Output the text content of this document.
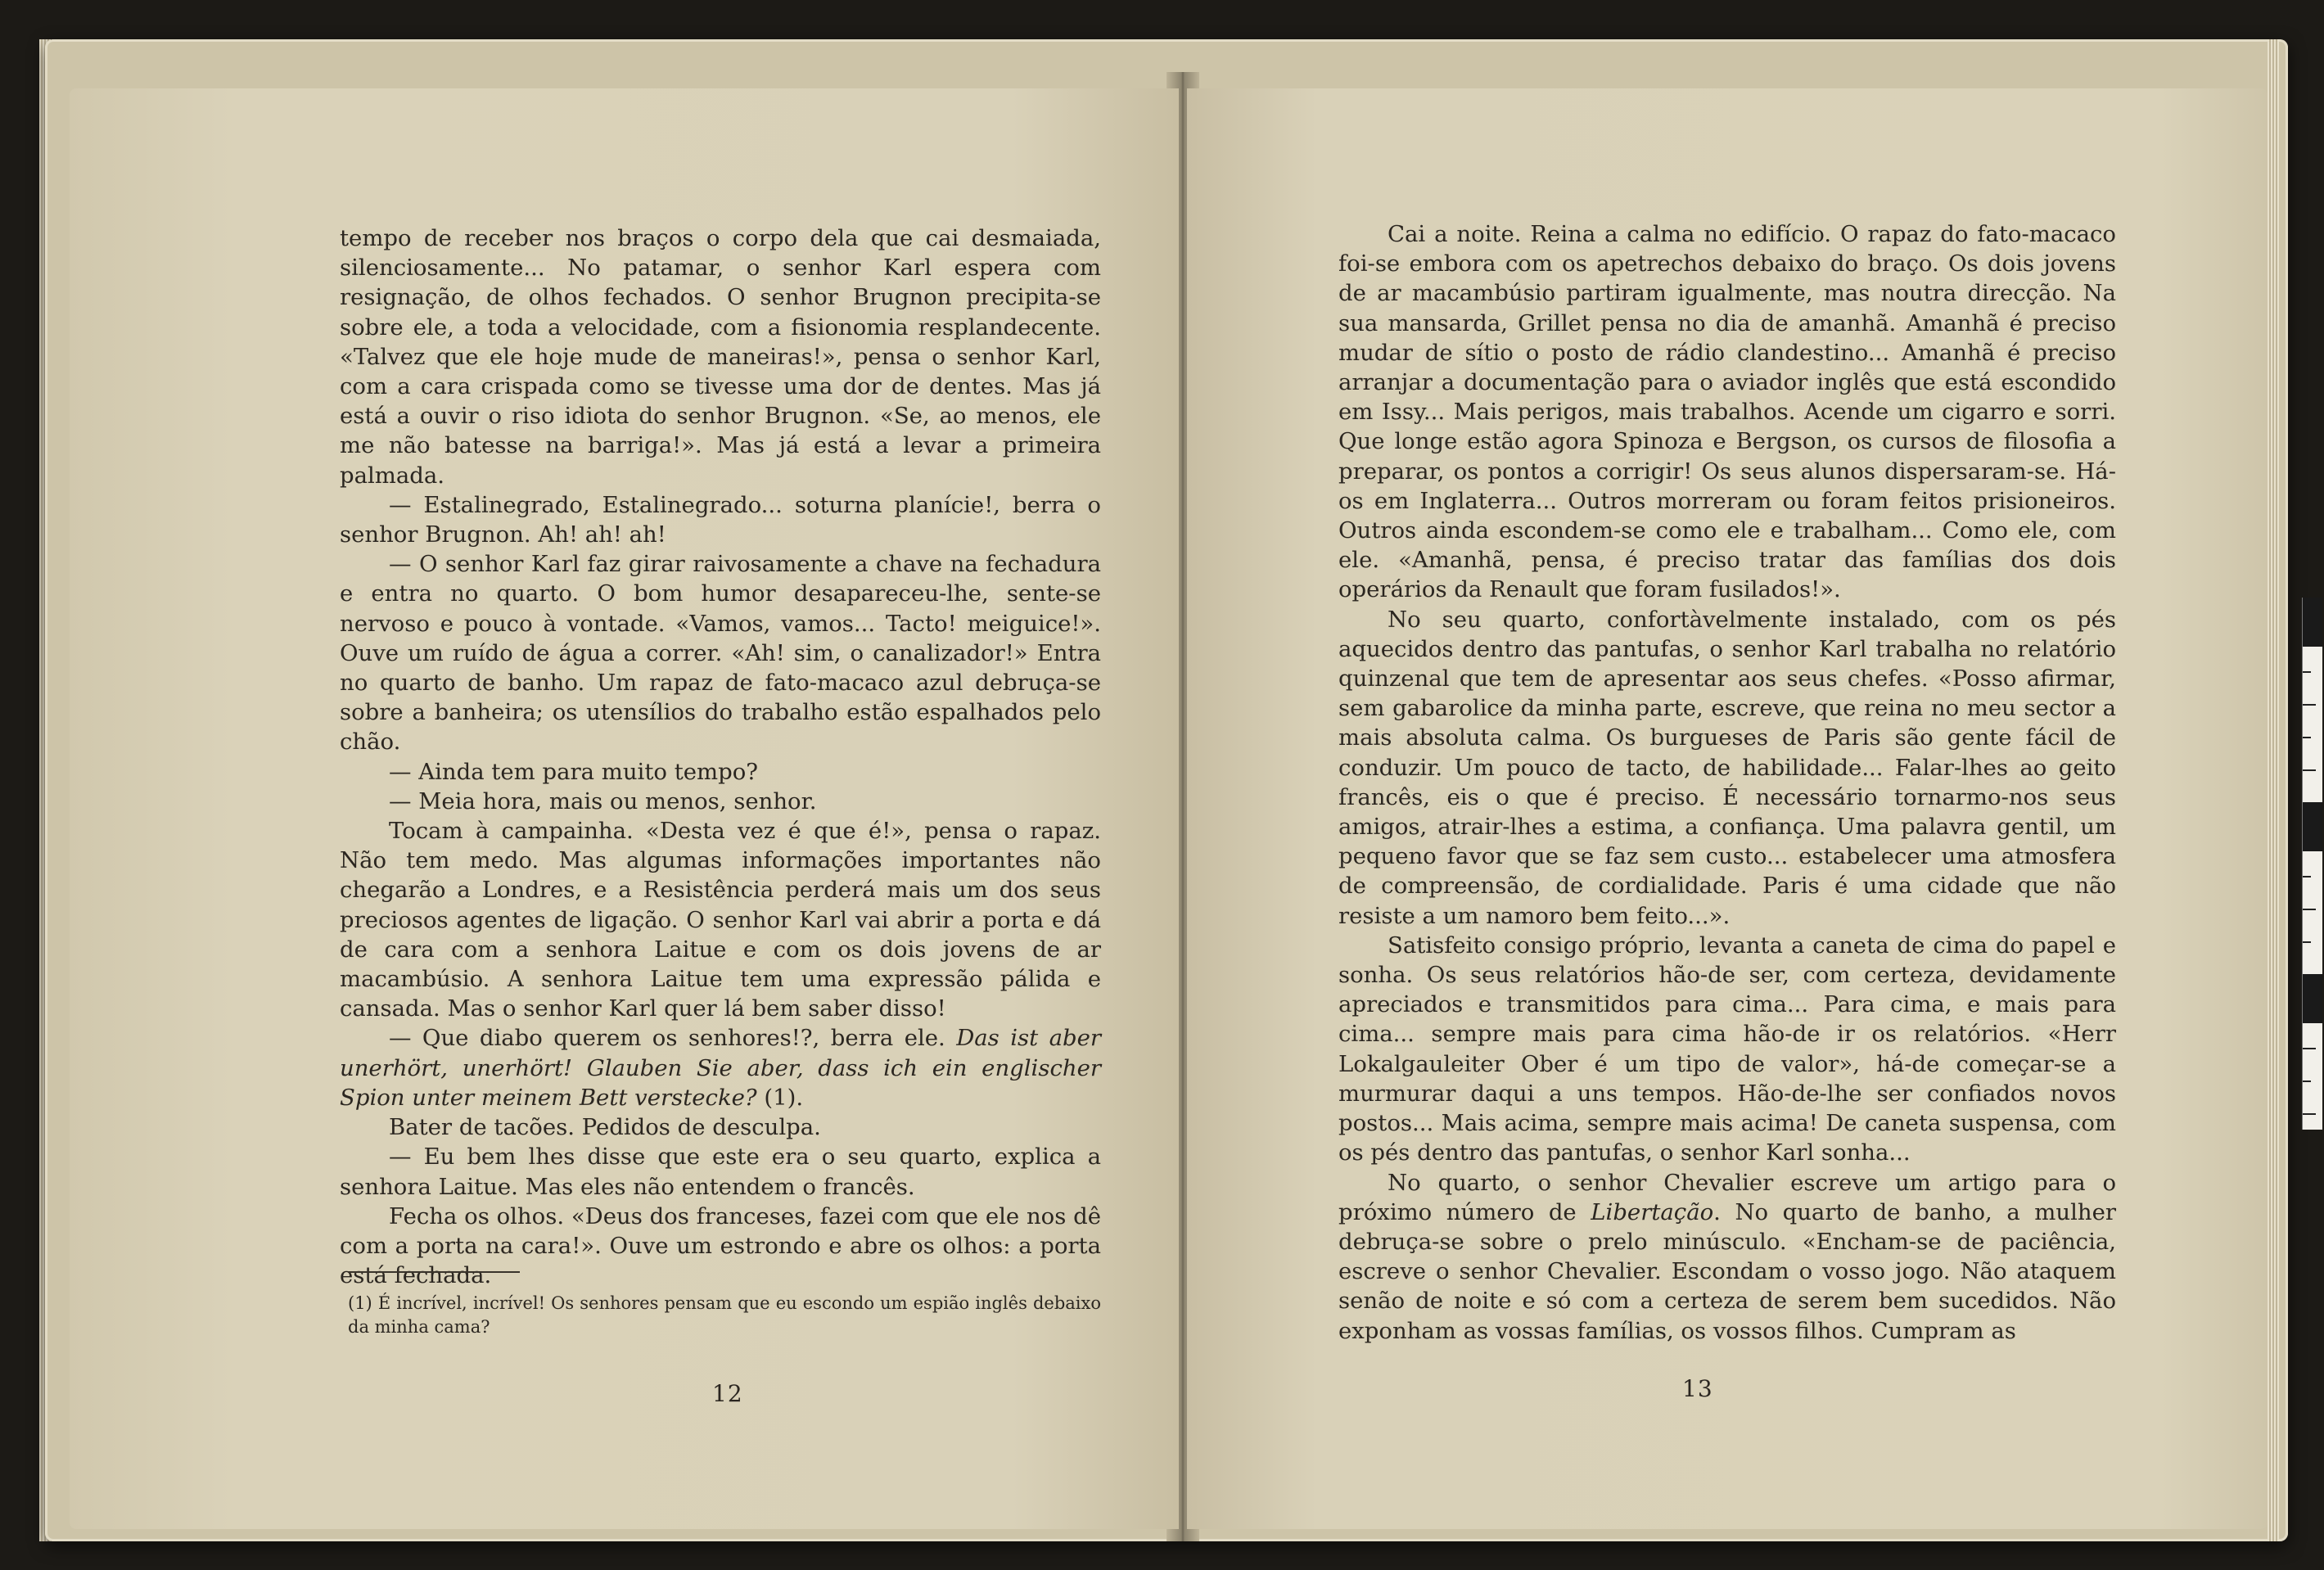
tempo de receber nos braços o corpo dela que cai desmaiada, silenciosamente... No patamar, o senhor Karl espera com resignação, de olhos fechados. O senhor Brugnon precipita-se sobre ele, a toda a velocidade, com a fisionomia resplandecente. «Talvez que ele hoje mude de maneiras!», pensa o senhor Karl, com a cara crispada como se tivesse uma dor de dentes. Mas já está a ouvir o riso idiota do senhor Brugnon. «Se, ao menos, ele me não batesse na barriga!». Mas já está a levar a primeira palmada.

— Estalinegrado, Estalinegrado... soturna planície!, berra o senhor Brugnon. Ah! ah! ah!

— O senhor Karl faz girar raivosamente a chave na fechadura e entra no quarto. O bom humor desapareceu-lhe, sente-se nervoso e pouco à vontade. «Vamos, vamos... Tacto! meiguice!». Ouve um ruído de água a correr. «Ah! sim, o canalizador!» Entra no quarto de banho. Um rapaz de fato-macaco azul debruça-se sobre a banheira; os utensílios do trabalho estão espalhados pelo chão.

— Ainda tem para muito tempo?

— Meia hora, mais ou menos, senhor.

Tocam à campainha. «Desta vez é que é!», pensa o rapaz. Não tem medo. Mas algumas informações importantes não chegarão a Londres, e a Resistência perderá mais um dos seus preciosos agentes de ligação. O senhor Karl vai abrir a porta e dá de cara com a senhora Laitue e com os dois jovens de ar macambúsio. A senhora Laitue tem uma expressão pálida e cansada. Mas o senhor Karl quer lá bem saber disso!

— Que diabo querem os senhores!?, berra ele. Das ist aber unerhört, unerhört! Glauben Sie aber, dass ich ein englischer Spion unter meinem Bett verstecke? (1).

Bater de tacões. Pedidos de desculpa.

— Eu bem lhes disse que este era o seu quarto, explica a senhora Laitue. Mas eles não entendem o francês.

Fecha os olhos. «Deus dos franceses, fazei com que ele nos dê com a porta na cara!». Ouve um estrondo e abre os olhos: a porta está fechada.

(1) É incrível, incrível! Os senhores pensam que eu escondo um espião inglês debaixo da minha cama?
12

Cai a noite. Reina a calma no edifício. O rapaz do fato-macaco foi-se embora com os apetrechos debaixo do braço. Os dois jovens de ar macambúsio partiram igualmente, mas noutra direcção. Na sua mansarda, Grillet pensa no dia de amanhã. Amanhã é preciso mudar de sítio o posto de rádio clandestino... Amanhã é preciso arranjar a documentação para o aviador inglês que está escondido em Issy... Mais perigos, mais trabalhos. Acende um cigarro e sorri. Que longe estão agora Spinoza e Bergson, os cursos de filosofia a preparar, os pontos a corrigir! Os seus alunos dispersaram-se. Há-os em Inglaterra... Outros morreram ou foram feitos prisioneiros. Outros ainda escondem-se como ele e trabalham... Como ele, com ele. «Amanhã, pensa, é preciso tratar das famílias dos dois operários da Renault que foram fusilados!».

No seu quarto, confortàvelmente instalado, com os pés aquecidos dentro das pantufas, o senhor Karl trabalha no relatório quinzenal que tem de apresentar aos seus chefes. «Posso afirmar, sem gabarolice da minha parte, escreve, que reina no meu sector a mais absoluta calma. Os burgueses de Paris são gente fácil de conduzir. Um pouco de tacto, de habilidade... Falar-lhes ao geito francês, eis o que é preciso. É necessário tornarmo-nos seus amigos, atrair-lhes a estima, a confiança. Uma palavra gentil, um pequeno favor que se faz sem custo... estabelecer uma atmosfera de compreensão, de cordialidade. Paris é uma cidade que não resiste a um namoro bem feito...».

Satisfeito consigo próprio, levanta a caneta de cima do papel e sonha. Os seus relatórios hão-de ser, com certeza, devidamente apreciados e transmitidos para cima... Para cima, e mais para cima... sempre mais para cima hão-de ir os relatórios. «Herr Lokalgauleiter Ober é um tipo de valor», há-de começar-se a murmurar daqui a uns tempos. Hão-de-lhe ser confiados novos postos... Mais acima, sempre mais acima! De caneta suspensa, com os pés dentro das pantufas, o senhor Karl sonha...

No quarto, o senhor Chevalier escreve um artigo para o próximo número de Libertação. No quarto de banho, a mulher debruça-se sobre o prelo minúsculo. «Encham-se de paciência, escreve o senhor Chevalier. Escondam o vosso jogo. Não ataquem senão de noite e só com a certeza de serem bem sucedidos. Não exponham as vossas famílias, os vossos filhos. Cumpram as

13
